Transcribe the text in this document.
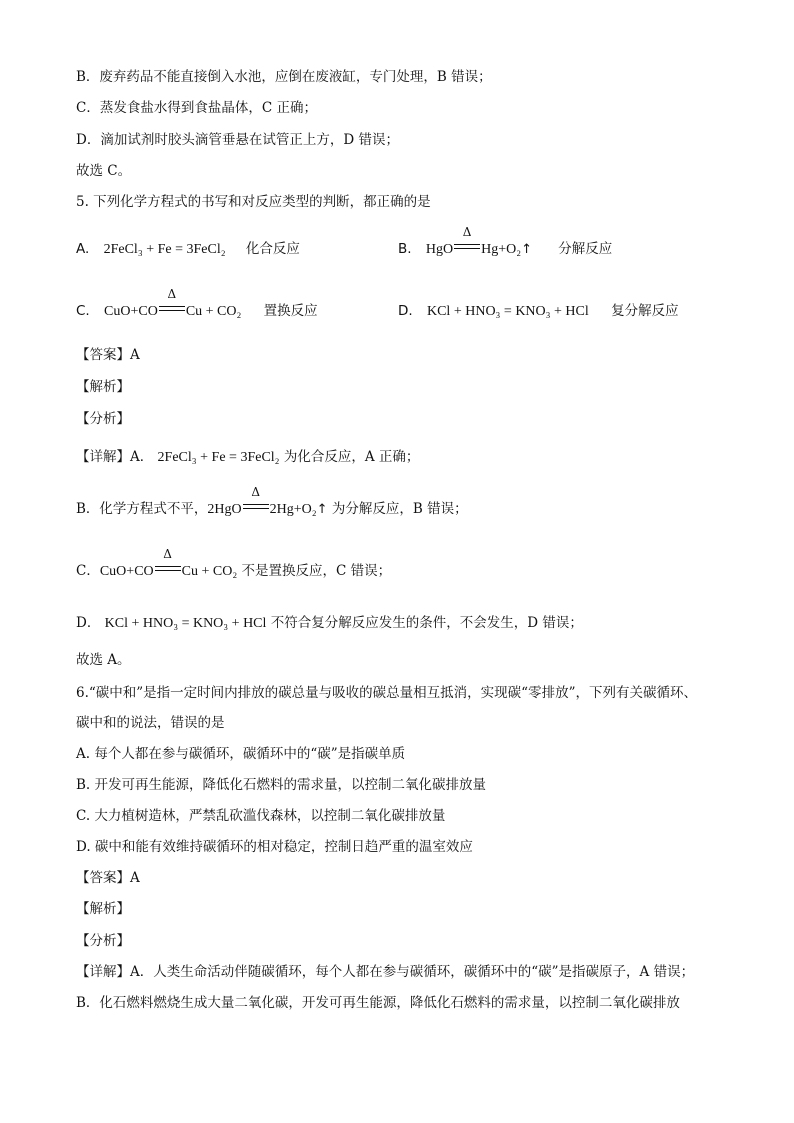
B．废弃药品不能直接倒入水池，应倒在废液缸，专门处理，B 错误；
C．蒸发食盐水得到食盐晶体，C 正确；
D．滴加试剂时胶头滴管垂悬在试管正上方，D 错误；
故选 C。
5. 下列化学方程式的书写和对反应类型的判断，都正确的是
A. 2FeCl₃ + Fe = 3FeCl₂ 化合反应	B. HgO
Δ
Hg+O₂↑ 分解反应
C. CuO+CO
Δ
Cu + CO₂ 置换反应	D. KCl + HNO₃ = KNO₃ + HCl 复分解反应
【答案】A
【解析】
【分析】
【详解】A． 2FeCl₃ + Fe = 3FeCl₂ 为化合反应，A 正确；
B．化学方程式不平，2HgO
Δ
2Hg+O₂↑ 为分解反应，B 错误；
C．CuO+CO
Δ
Cu + CO₂ 不是置换反应，C 错误；
D． KCl + HNO₃ = KNO₃ + HCl 不符合复分解反应发生的条件，不会发生，D 错误；
故选 A。
6.“碳中和”是指一定时间内排放的碳总量与吸收的碳总量相互抵消，实现碳“零排放”，下列有关碳循环、
碳中和的说法，错误的是
A. 每个人都在参与碳循环，碳循环中的“碳”是指碳单质
B. 开发可再生能源，降低化石燃料的需求量，以控制二氧化碳排放量
C. 大力植树造林，严禁乱砍滥伐森林，以控制二氧化碳排放量
D. 碳中和能有效维持碳循环的相对稳定，控制日趋严重的温室效应
【答案】A
【解析】
【分析】
【详解】A．人类生命活动伴随碳循环，每个人都在参与碳循环，碳循环中的“碳”是指碳原子，A 错误；
B．化石燃料燃烧生成大量二氧化碳，开发可再生能源，降低化石燃料的需求量，以控制二氧化碳排放
